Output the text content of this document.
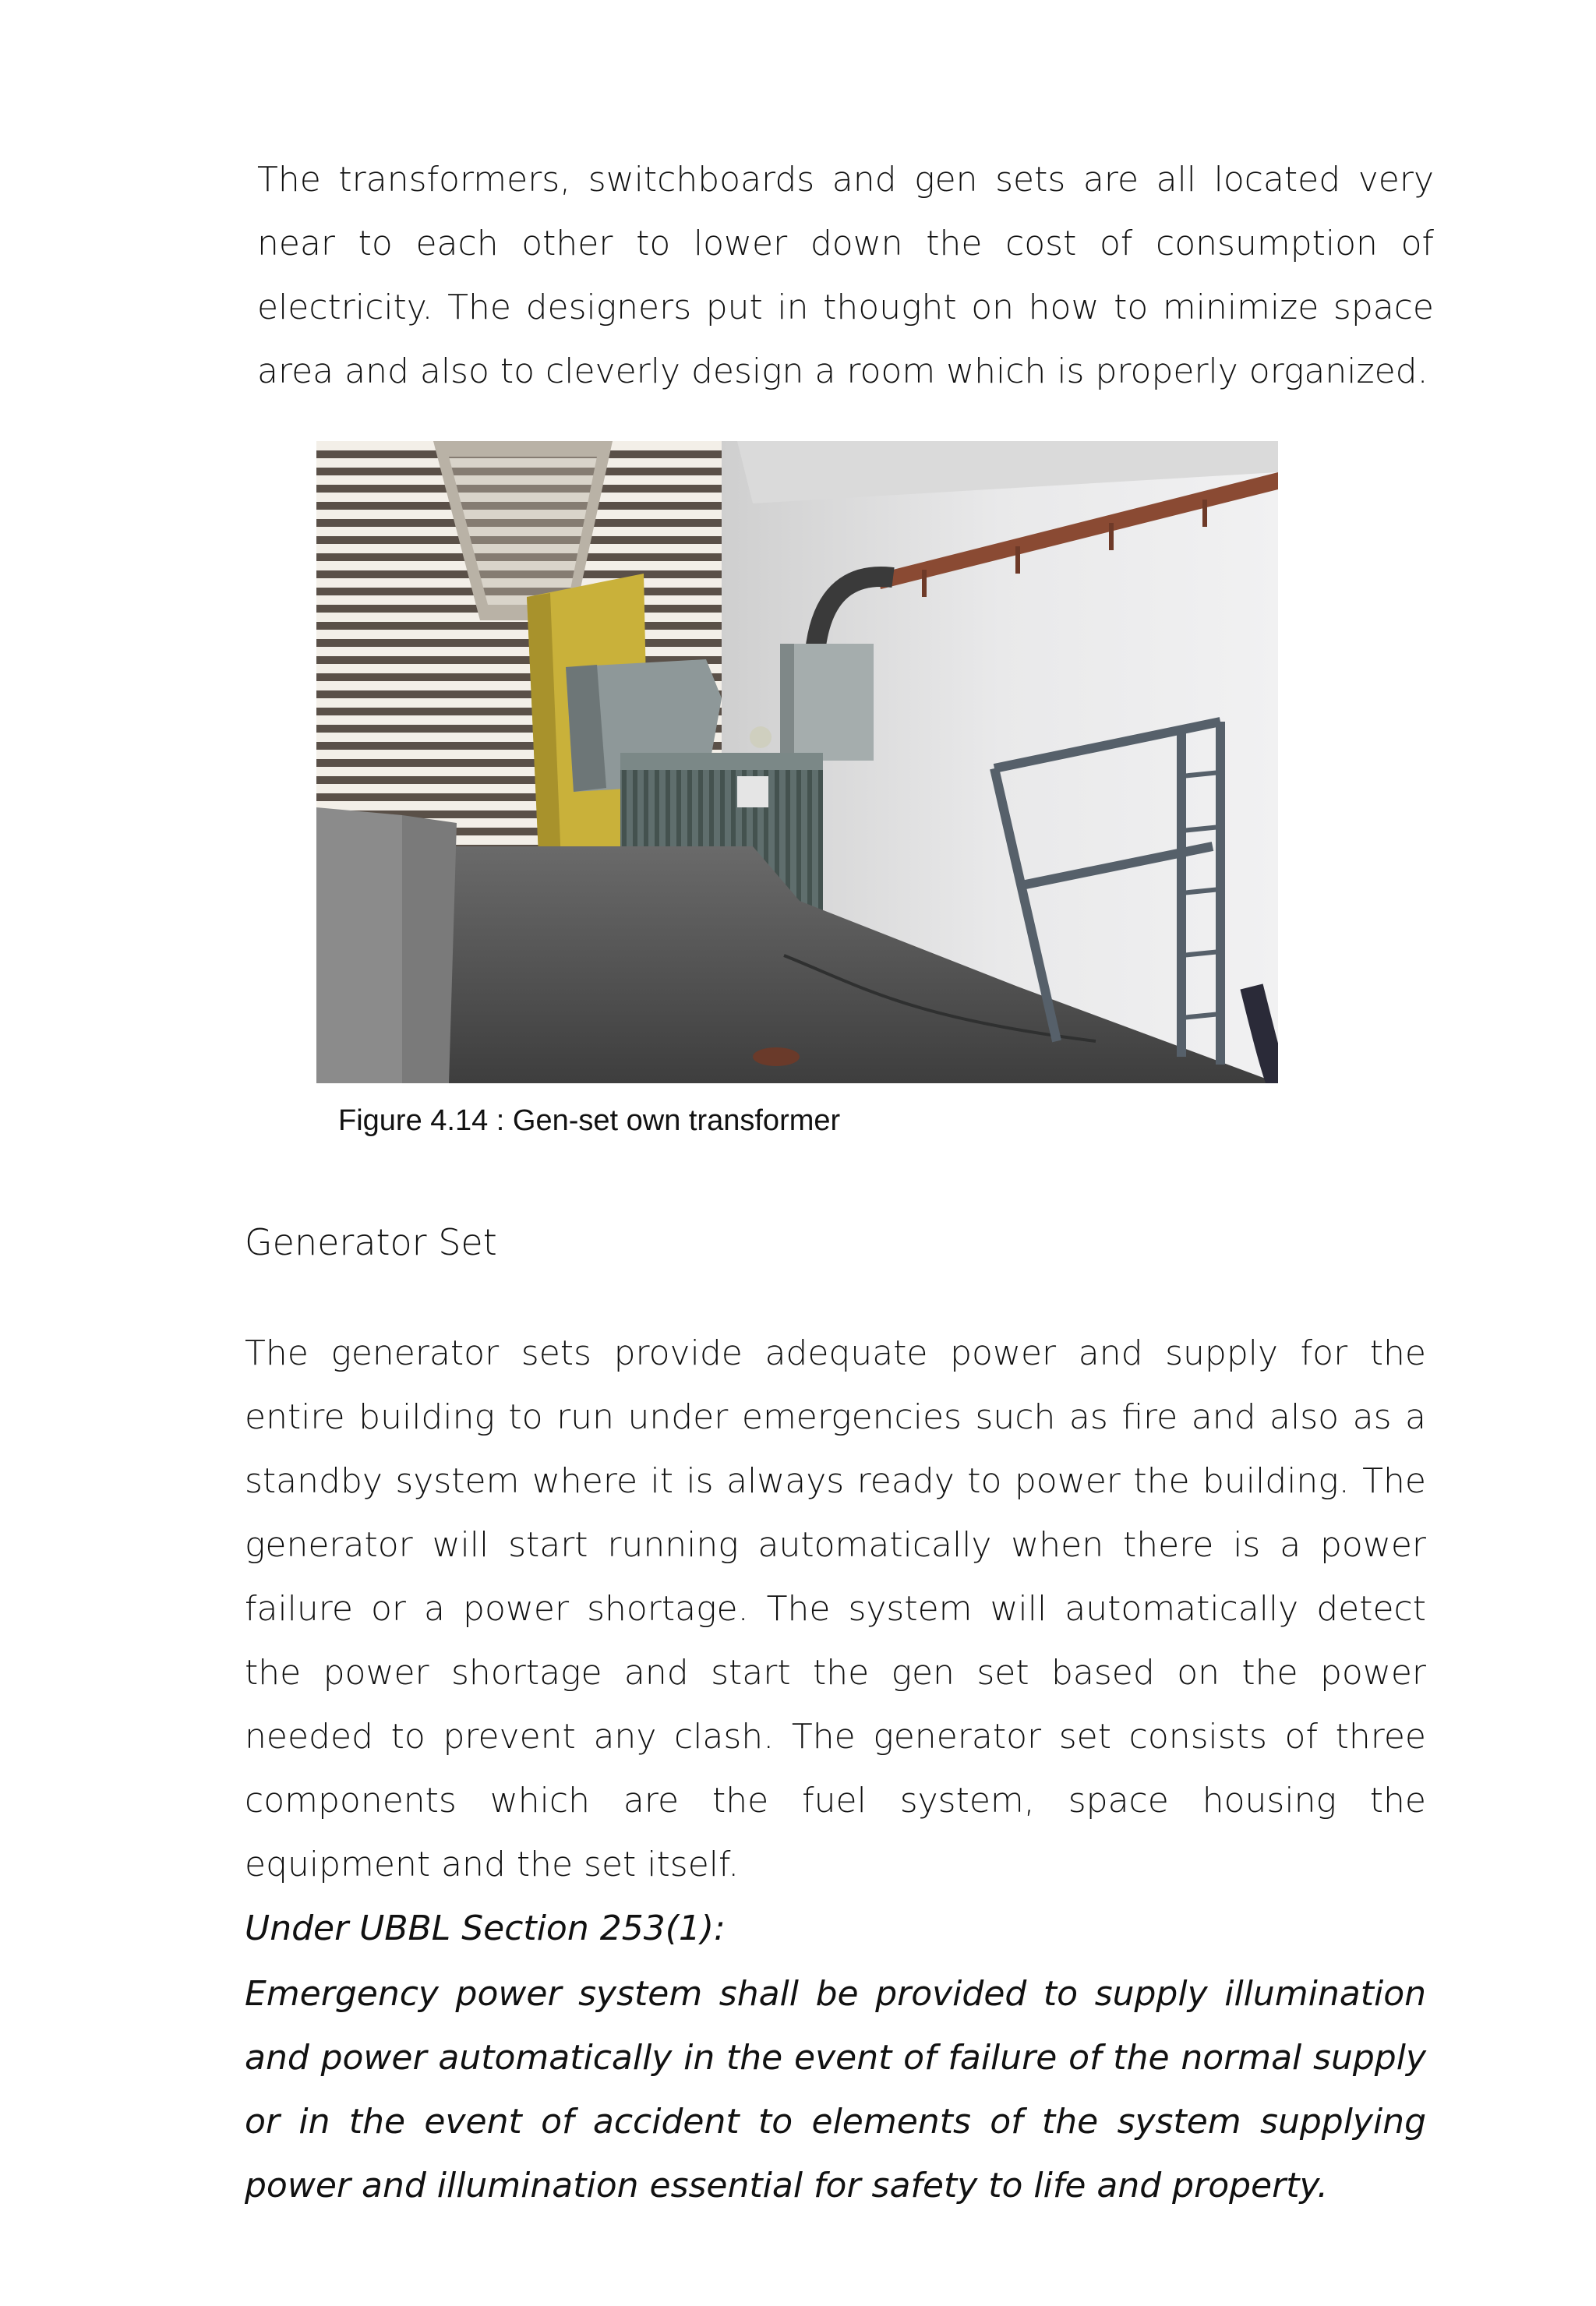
The transformers, switchboards and gen sets are all located very near to each other to lower down the cost of consumption of electricity. The designers put in thought on how to minimize space area and also to cleverly design a room which is properly organized.

Figure 4.14 : Gen-set own transformer

Generator Set

The generator sets provide adequate power and supply for the entire building to run under emergencies such as fire and also as a standby system where it is always ready to power the building. The generator will start running automatically when there is a power failure or a power shortage. The system will automatically detect the power shortage and start the gen set based on the power needed to prevent any clash. The generator set consists of three components which are the fuel system, space housing the equipment and the set itself.

Under UBBL Section 253(1):

Emergency power system shall be provided to supply illumination and power automatically in the event of failure of the normal supply or in the event of accident to elements of the system supplying power and illumination essential for safety to life and property.
